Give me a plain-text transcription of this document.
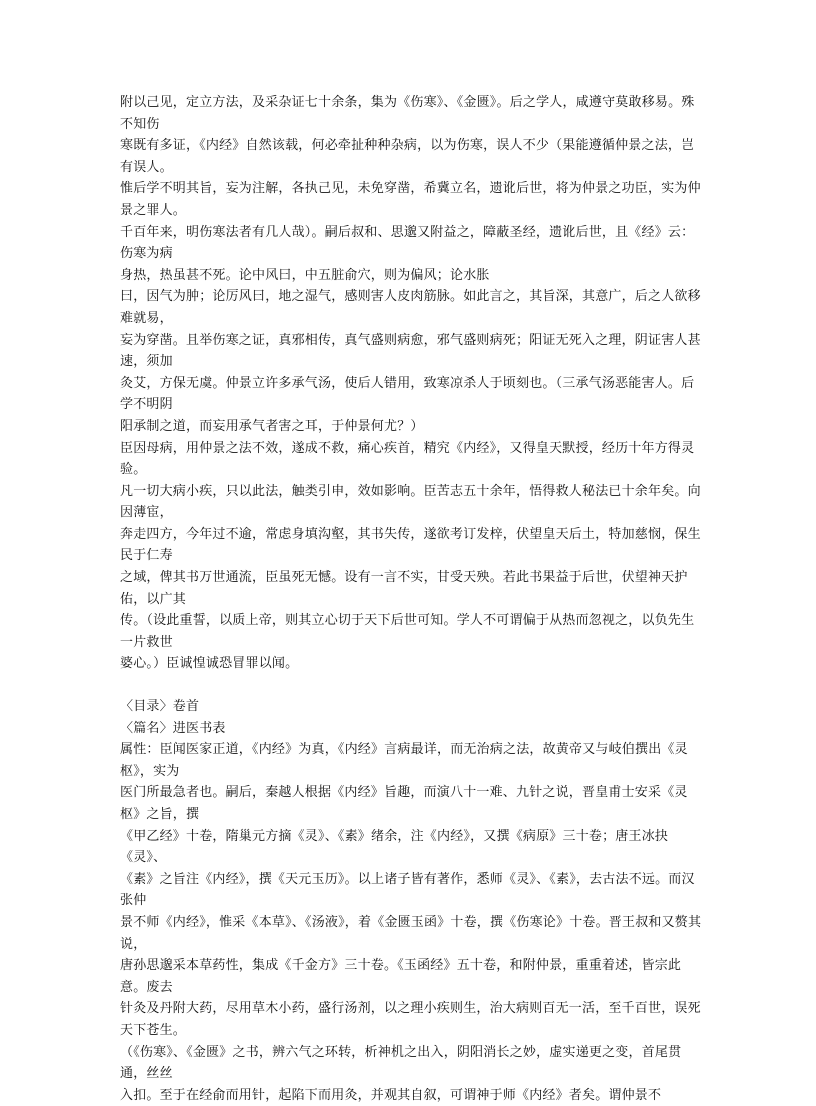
附以己见，定立方法，及采杂证七十余条，集为《伤寒》、《金匮》。后之学人，咸遵守莫敢移易。殊不知伤
寒既有多证，《内经》自然该载，何必牵扯种种杂病，以为伤寒，误人不少（果能遵循仲景之法，岂有误人。
惟后学不明其旨，妄为注解，各执己见，未免穿凿，希冀立名，遗讹后世，将为仲景之功臣，实为仲景之罪人。
千百年来，明伤寒法者有几人哉）。嗣后叔和、思邈又附益之，障蔽圣经，遗讹后世，且《经》云：伤寒为病
身热，热虽甚不死。论中风曰，中五脏俞穴，则为偏风；论水胀
曰，因气为肿；论厉风曰，地之湿气，感则害人皮肉筋脉。如此言之，其旨深，其意广，后之人欲移难就易，
妄为穿凿。且举伤寒之证，真邪相传，真气盛则病愈，邪气盛则病死；阳证无死入之理，阴证害人甚速，须加
灸艾，方保无虞。仲景立许多承气汤，使后人错用，致寒凉杀人于顷刻也。（三承气汤恶能害人。后学不明阴
阳承制之道，而妄用承气者害之耳，于仲景何尤？）
臣因母病，用仲景之法不效，遂成不救，痛心疾首，精究《内经》，又得皇天默授，经历十年方得灵验。
凡一切大病小疾，只以此法，触类引申，效如影响。臣苦志五十余年，悟得救人秘法已十余年矣。向因薄宦，
奔走四方，今年过不逾，常虑身填沟壑，其书失传，遂欲考订发梓，伏望皇天后土，特加慈悯，保生民于仁寿
之域，俾其书万世通流，臣虽死无憾。设有一言不实，甘受天殃。若此书果益于后世，伏望神天护佑，以广其
传。（设此重誓，以质上帝，则其立心切于天下后世可知。学人不可谓偏于从热而忽视之，以负先生一片救世
婆心。）臣诚惶诚恐冒罪以闻。
〈目录〉卷首
〈篇名〉进医书表
属性：臣闻医家正道，《内经》为真，《内经》言病最详，而无治病之法，故黄帝又与岐伯撰出《灵枢》，实为
医门所最急者也。嗣后，秦越人根据《内经》旨趣，而演八十一难、九针之说，晋皇甫士安采《灵枢》之旨，撰
《甲乙经》十卷，隋巢元方摘《灵》、《素》绪余，注《内经》，又撰《病原》三十卷；唐王冰抉《灵》、
《素》之旨注《内经》，撰《天元玉历》。以上诸子皆有著作，悉师《灵》、《素》，去古法不远。而汉张仲
景不师《内经》，惟采《本草》、《汤液》，着《金匮玉函》十卷，撰《伤寒论》十卷。晋王叔和又赘其说，
唐孙思邈采本草药性，集成《千金方》三十卷。《玉函经》五十卷，和附仲景，重重着述，皆宗此意。废去
针灸及丹附大药，尽用草木小药，盛行汤剂，以之理小疾则生，治大病则百无一活，至千百世，误死天下苍生。
（《伤寒》、《金匮》之书，辨六气之环转，析神机之出入，阴阳消长之妙，虚实递更之变，首尾贯通，丝丝
入扣。至于在经俞而用针，起陷下而用灸，并观其自叙，可谓神于师《内经》者矣。谓仲景不
